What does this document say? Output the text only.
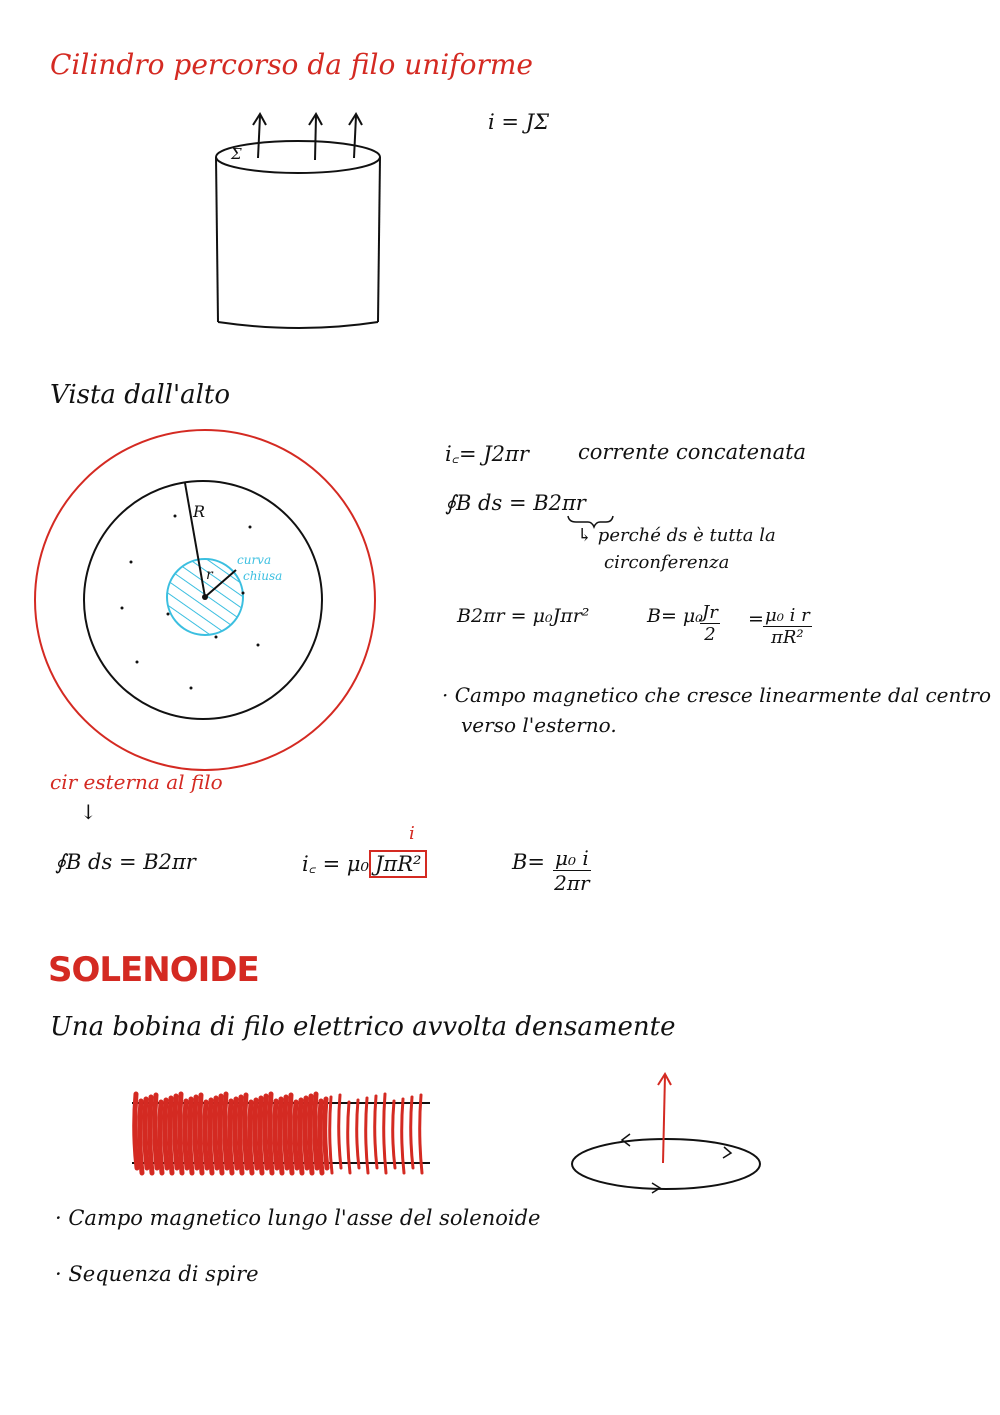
Cilindro percorso da filo uniforme
Σ
i = JΣ
Vista dall'alto
R
r
curva
chiusa
i꜀= J2πr corrente concatenata
∮B ds = B2πr
↳ perché ds è tutta la
circonferenza
B2πr = μ₀Jπr²	B= μ₀
$\frac{Jr}{2} = \frac{\text{μ₀ i r}}{\text{πR²}}$
· Campo magnetico che cresce linearmente dal centro
verso l'esterno.
cir esterna al filo
↓
∮B ds = B2πr
i
i꜀ = μ₀ JπR²	$B= \frac{\text{μ₀ i}}{2\pi r}$
SOLENOIDE
Una bobina di filo elettrico avvolta densamente
· Campo magnetico lungo l'asse del solenoide
· Sequenza di spire
